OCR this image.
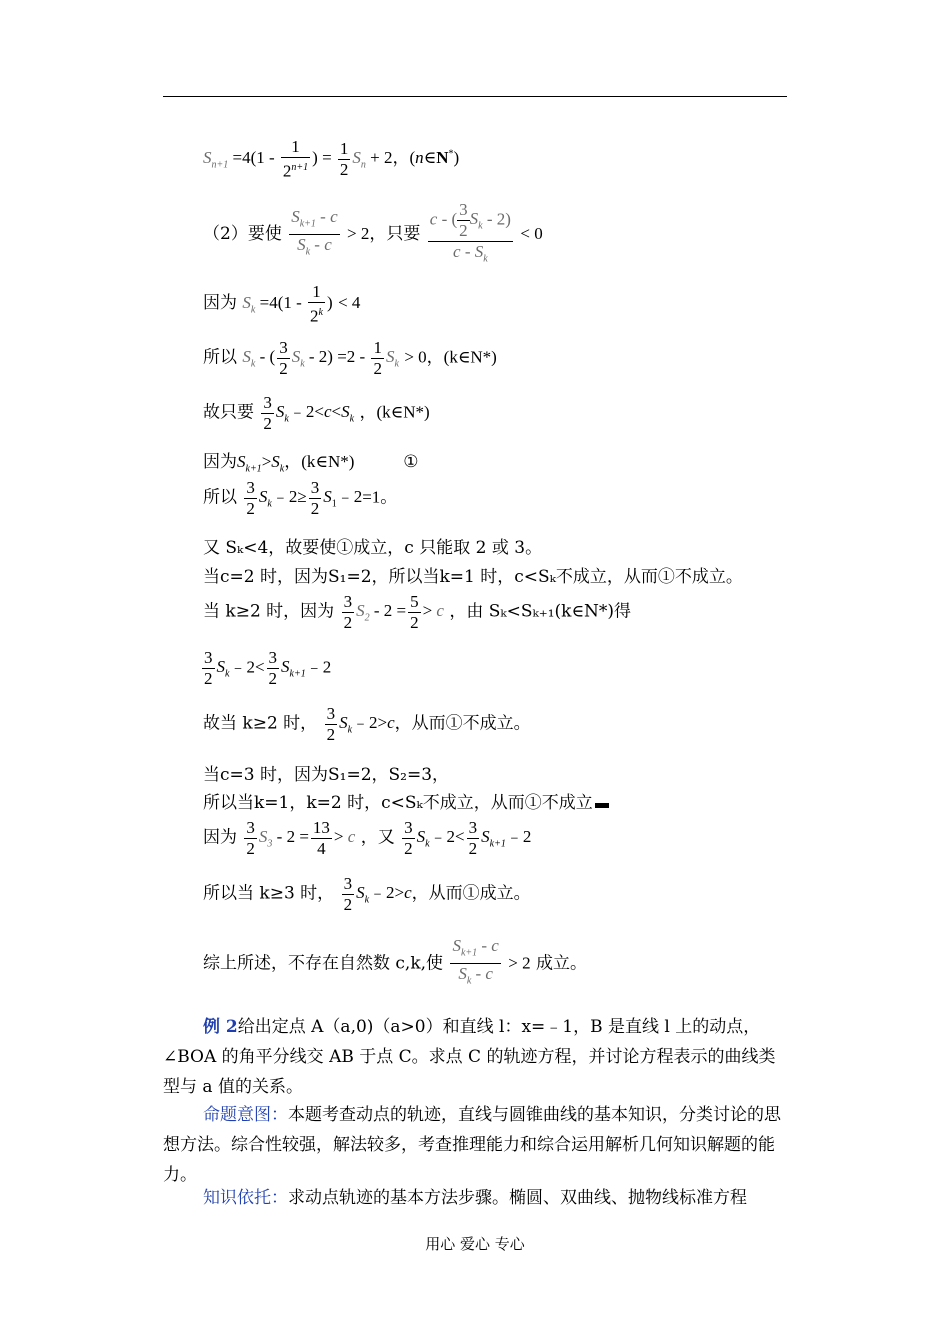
$S_{n+1} =4(1 - \frac{1}{2^{n+1}}$ ) = $\frac{1}{2} S_n + 2$，(n∈N*)
（2）要使 $\frac{S_{k+1} - c}{S_k - c} > 2$，只要 $\frac{c - ( \frac{3}{2} S_k - 2)}{c - S_k} < 0$
因为 $S_k =4(1 - \frac{1}{2^k}$ ) < 4
所以 $S_k$ - ( $\frac{3}{2} S_k - 2) =2 - \frac{1}{2} S_k > 0$，(k∈N*)
故只要 $\frac{3}{2}$ $S_k﹣2<c<S_k$ ，(k∈N*)
因为$S_{k+1}>S_k$，(k∈N*)	①
所以 $\frac{3}{2}$ $S_k﹣2\ge \frac{3}{2}$ $S_1﹣2=1$。
又 Sₖ<4，故要使①成立，c 只能取 2 或 3。
当c=2 时，因为S₁=2，所以当k=1 时，c<Sₖ不成立，从而①不成立。
当 k≥2 时，因为 $\frac{3}{2} S_2 - 2 = \frac{5}{2} > c$ ，由 Sₖ<Sₖ₊₁(k∈N*)得
$\frac{3}{2}$ $S_k﹣2< \frac{3}{2}$ $S_{k+1}﹣2$
故当 k≥2 时， $\frac{3}{2}$ $S_k﹣2>c$，从而①不成立。
当c=3 时，因为S₁=2，S₂=3，
所以当k=1，k=2 时，c<Sₖ不成立，从而①不成立
因为 $\frac{3}{2} S_3 - 2 = \frac{13}{4} > c$ ，又 $\frac{3}{2}$ $S_k﹣2< \frac{3}{2}$ $S_{k+1}﹣2$
所以当 k≥3 时， $\frac{3}{2}$ $S_k﹣2>c$，从而①成立。
综上所述，不存在自然数 c,k,使 $\frac{S_{k+1} - c}{S_k - c} > 2$ 成立。
例 2给出定点 A（a,0)（a>0）和直线 l：x=﹣1，B 是直线 l 上的动点，∠BOA 的角平分线交 AB 于点 C。求点 C 的轨迹方程，并讨论方程表示的曲线类型与 a 值的关系。
命题意图：本题考查动点的轨迹，直线与圆锥曲线的基本知识，分类讨论的思想方法。综合性较强，解法较多，考查推理能力和综合运用解析几何知识解题的能力。
知识依托：求动点轨迹的基本方法步骤。椭圆、双曲线、抛物线标准方程
用心 爱心 专心
